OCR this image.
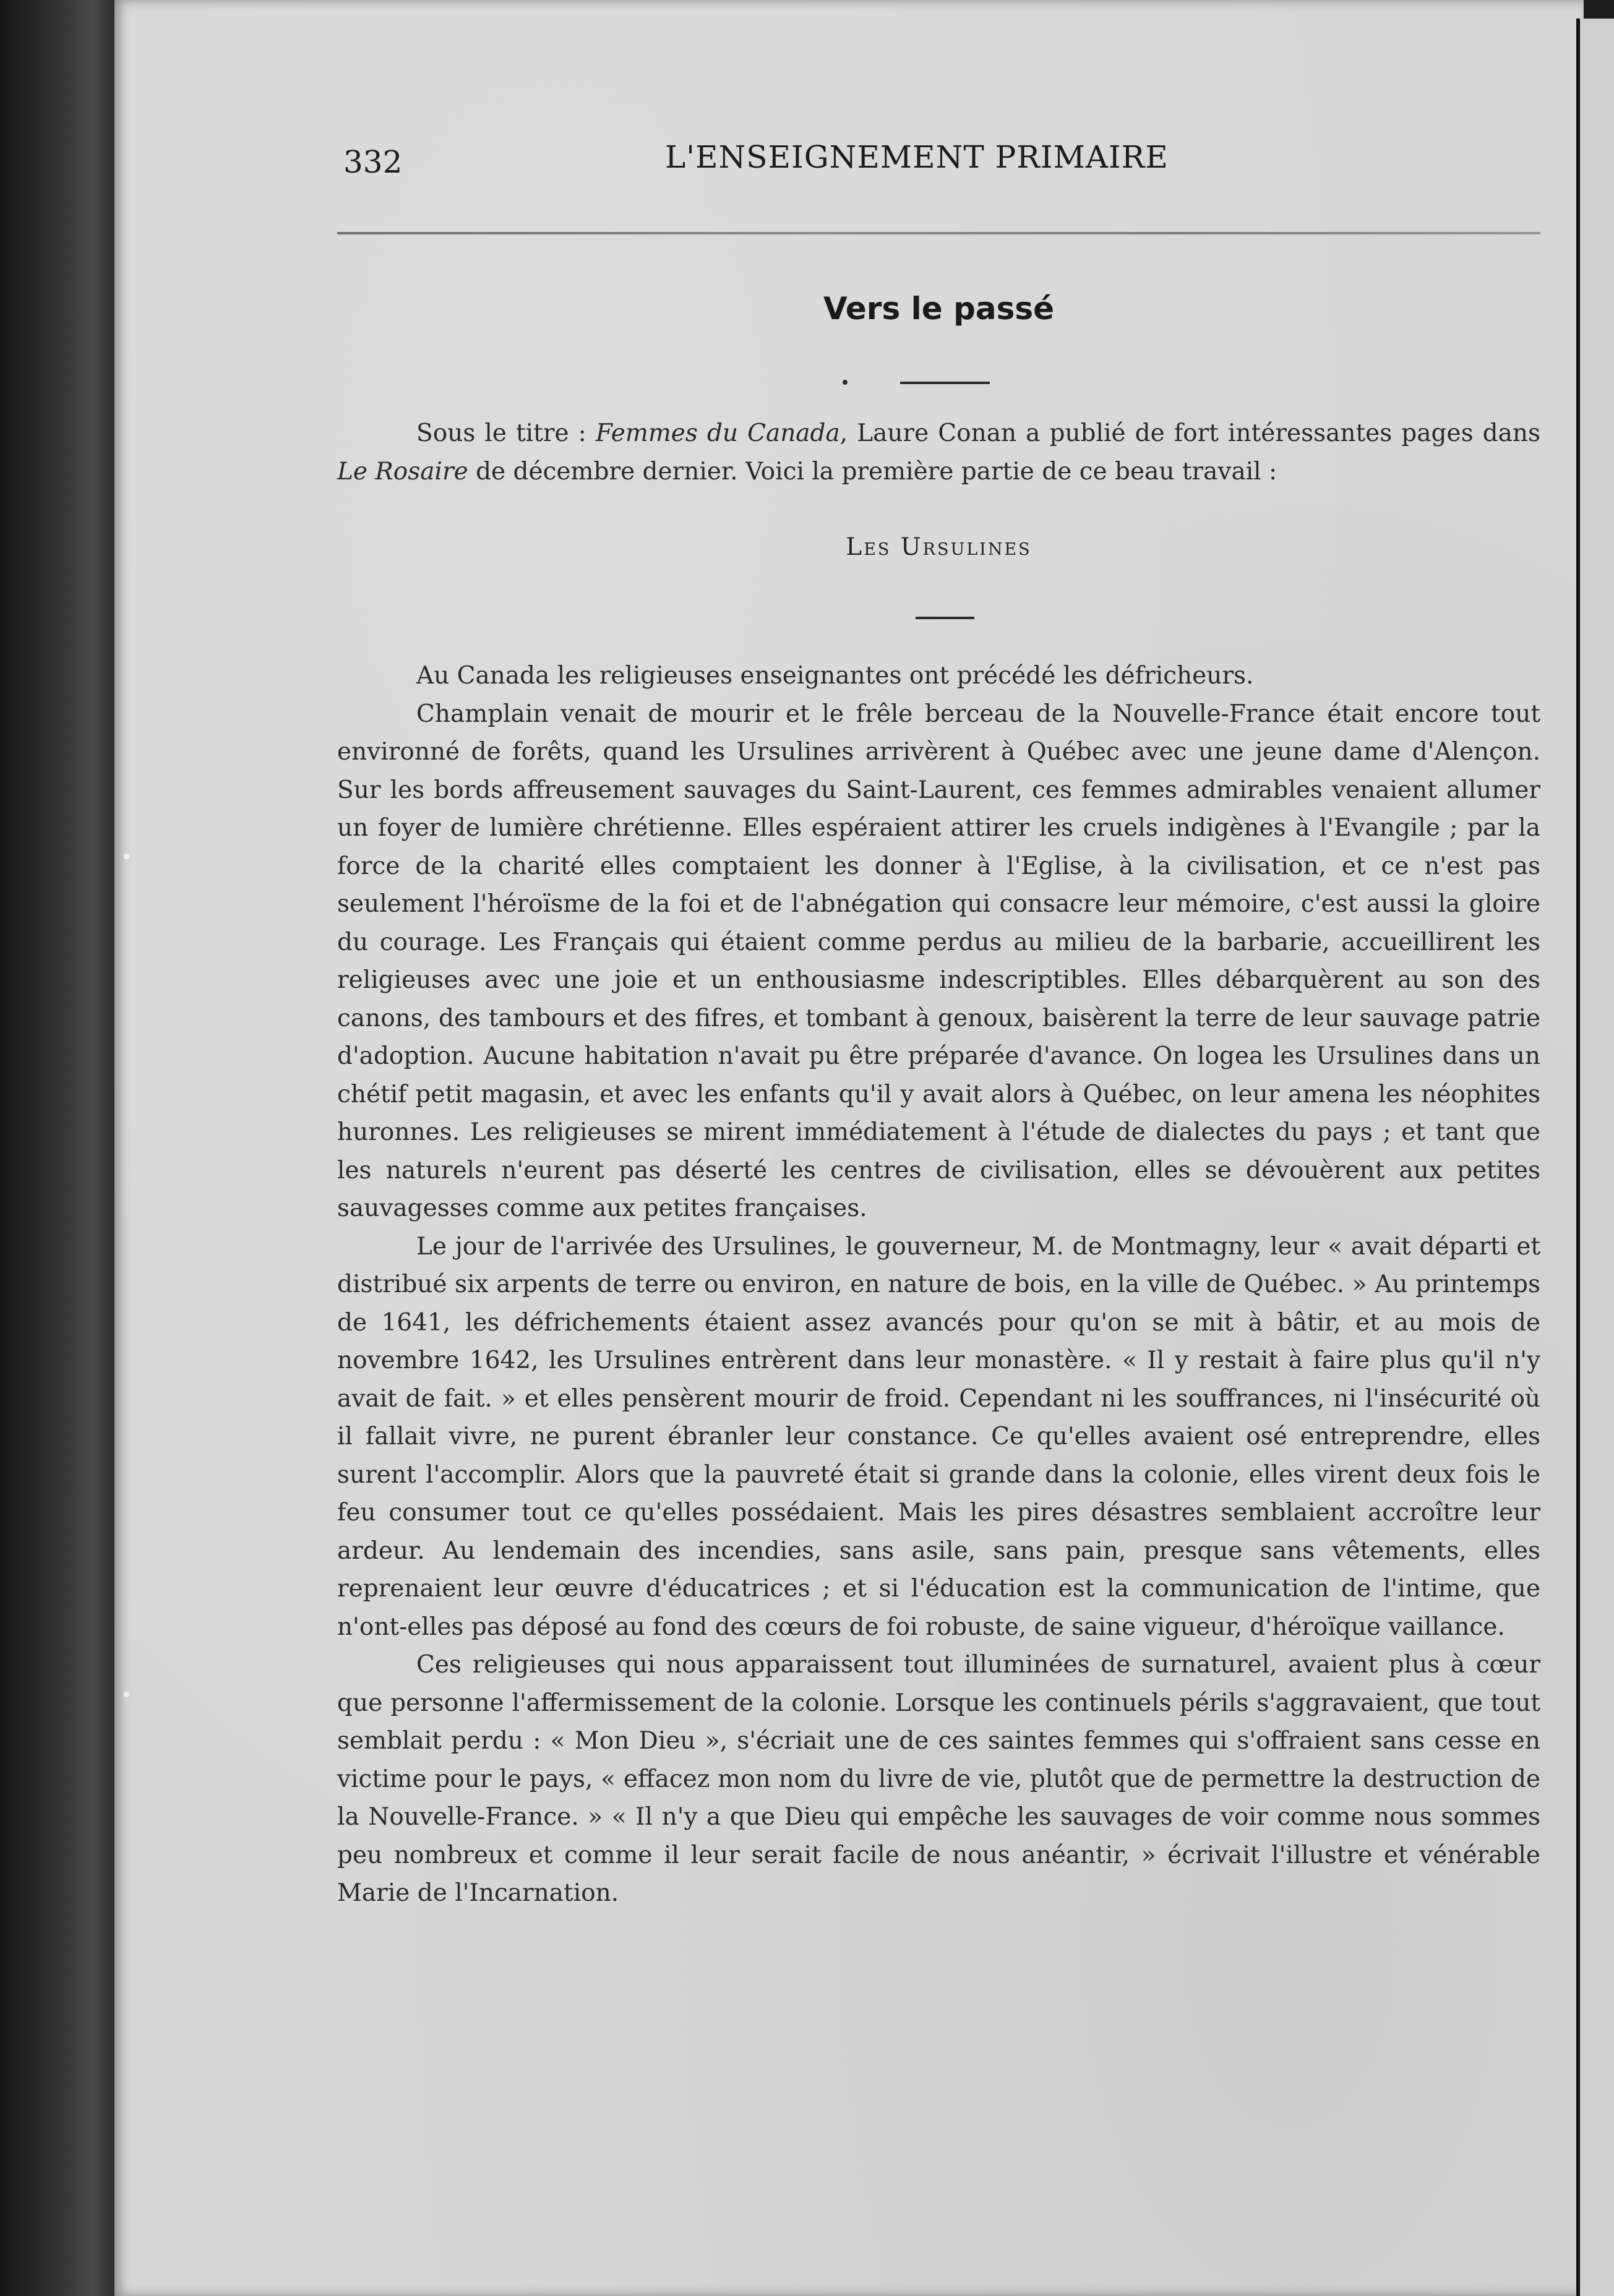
332	L'ENSEIGNEMENT PRIMAIRE
Vers le passé

Sous le titre : Femmes du Canada, Laure Conan a publié de fort intéressantes pages dans Le Rosaire de décembre dernier. Voici la première partie de ce beau travail :

Les Ursulines

Au Canada les religieuses enseignantes ont précédé les défricheurs.

Champlain venait de mourir et le frêle berceau de la Nouvelle-France était encore tout environné de forêts, quand les Ursulines arrivèrent à Québec avec une jeune dame d'Alençon. Sur les bords affreusement sauvages du Saint-Laurent, ces femmes admirables venaient allumer un foyer de lumière chrétienne. Elles espéraient attirer les cruels indigènes à l'Evangile ; par la force de la charité elles comptaient les donner à l'Eglise, à la civilisation, et ce n'est pas seulement l'héroïsme de la foi et de l'abnégation qui consacre leur mémoire, c'est aussi la gloire du courage. Les Français qui étaient comme perdus au milieu de la barbarie, accueillirent les religieuses avec une joie et un enthousiasme indescriptibles. Elles débarquèrent au son des canons, des tambours et des fifres, et tombant à genoux, baisèrent la terre de leur sauvage patrie d'adoption. Aucune habitation n'avait pu être préparée d'avance. On logea les Ursulines dans un chétif petit magasin, et avec les enfants qu'il y avait alors à Québec, on leur amena les néophites huronnes. Les religieuses se mirent immédiatement à l'étude de dialectes du pays ; et tant que les naturels n'eurent pas déserté les centres de civilisation, elles se dévouèrent aux petites sauvagesses comme aux petites françaises.

Le jour de l'arrivée des Ursulines, le gouverneur, M. de Montmagny, leur « avait départi et distribué six arpents de terre ou environ, en nature de bois, en la ville de Québec. » Au printemps de 1641, les défrichements étaient assez avancés pour qu'on se mit à bâtir, et au mois de novembre 1642, les Ursulines entrèrent dans leur monastère. « Il y restait à faire plus qu'il n'y avait de fait. » et elles pensèrent mourir de froid. Cependant ni les souffrances, ni l'insécurité où il fallait vivre, ne purent ébranler leur constance. Ce qu'elles avaient osé entreprendre, elles surent l'accomplir. Alors que la pauvreté était si grande dans la colonie, elles virent deux fois le feu consumer tout ce qu'elles possédaient. Mais les pires désastres semblaient accroître leur ardeur. Au lendemain des incendies, sans asile, sans pain, presque sans vêtements, elles reprenaient leur œuvre d'éducatrices ; et si l'éducation est la communication de l'intime, que n'ont-elles pas déposé au fond des cœurs de foi robuste, de saine vigueur, d'héroïque vaillance.

Ces religieuses qui nous apparaissent tout illuminées de surnaturel, avaient plus à cœur que personne l'affermissement de la colonie. Lorsque les continuels périls s'aggravaient, que tout semblait perdu : « Mon Dieu », s'écriait une de ces saintes femmes qui s'offraient sans cesse en victime pour le pays, « effacez mon nom du livre de vie, plutôt que de permettre la destruction de la Nouvelle-France. » « Il n'y a que Dieu qui empêche les sauvages de voir comme nous sommes peu nombreux et comme il leur serait facile de nous anéantir, » écrivait l'illustre et vénérable Marie de l'Incarnation.
